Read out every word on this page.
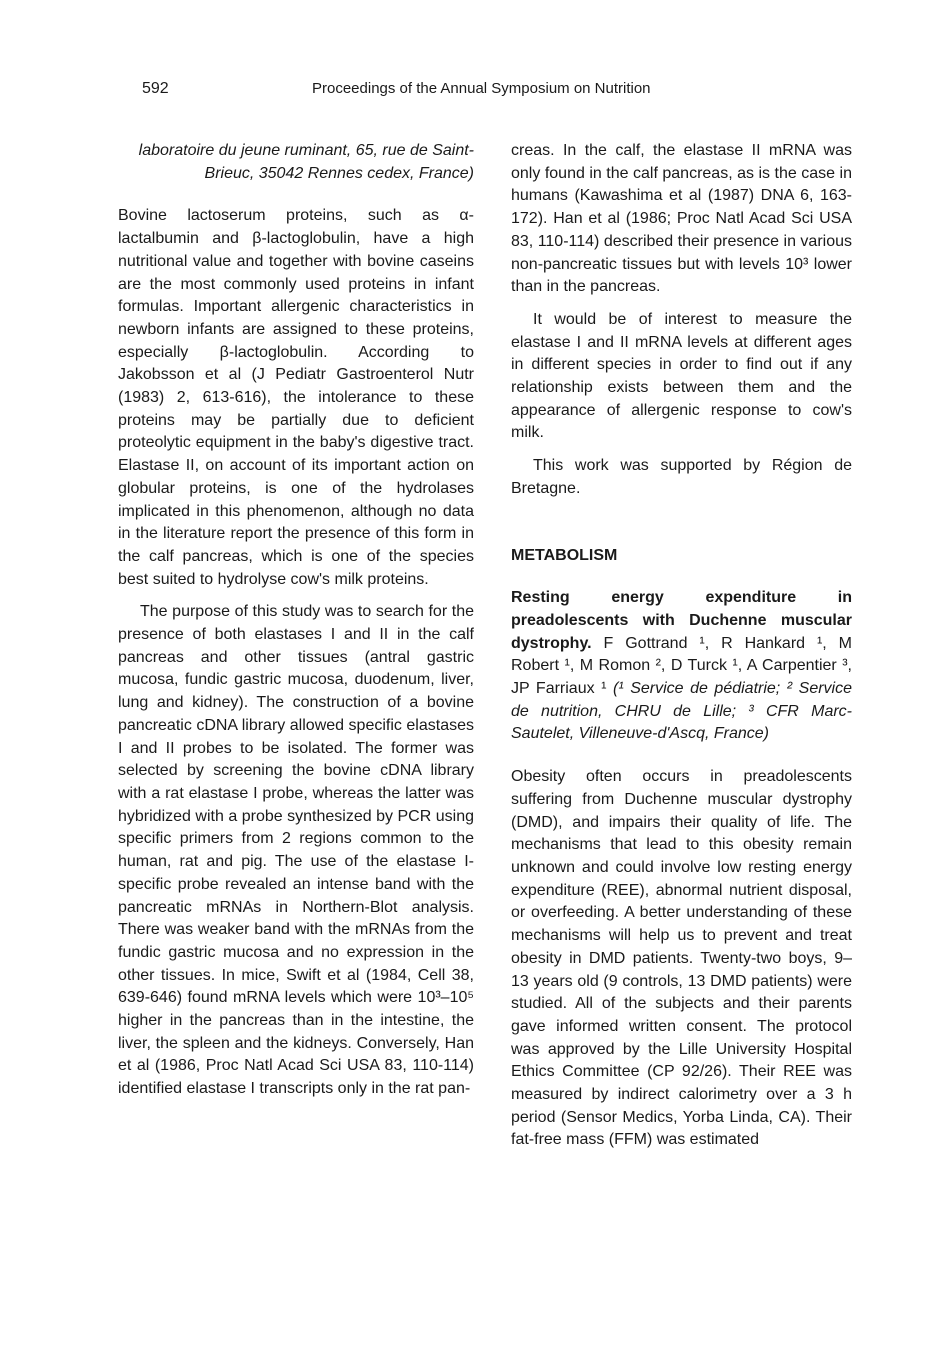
592	Proceedings of the Annual Symposium on Nutrition

laboratoire du jeune ruminant, 65, rue de Saint-Brieuc, 35042 Rennes cedex, France)

Bovine lactoserum proteins, such as α-lactalbumin and β-lactoglobulin, have a high nutritional value and together with bovine caseins are the most commonly used proteins in infant formulas. Important allergenic characteristics in newborn infants are assigned to these proteins, especially β-lactoglobulin. According to Jakobsson et al (J Pediatr Gastroenterol Nutr (1983) 2, 613-616), the intolerance to these proteins may be partially due to deficient proteolytic equipment in the baby's digestive tract. Elastase II, on account of its important action on globular proteins, is one of the hydrolases implicated in this phenomenon, although no data in the literature report the presence of this form in the calf pancreas, which is one of the species best suited to hydrolyse cow's milk proteins.

The purpose of this study was to search for the presence of both elastases I and II in the calf pancreas and other tissues (antral gastric mucosa, fundic gastric mucosa, duodenum, liver, lung and kidney). The construction of a bovine pancreatic cDNA library allowed specific elastases I and II probes to be isolated. The former was selected by screening the bovine cDNA library with a rat elastase I probe, whereas the latter was hybridized with a probe synthesized by PCR using specific primers from 2 regions common to the human, rat and pig. The use of the elastase I-specific probe revealed an intense band with the pancreatic mRNAs in Northern-Blot analysis. There was weaker band with the mRNAs from the fundic gastric mucosa and no expression in the other tissues. In mice, Swift et al (1984, Cell 38, 639-646) found mRNA levels which were 10³–10⁵ higher in the pancreas than in the intestine, the liver, the spleen and the kidneys. Conversely, Han et al (1986, Proc Natl Acad Sci USA 83, 110-114) identified elastase I transcripts only in the rat pan-

creas. In the calf, the elastase II mRNA was only found in the calf pancreas, as is the case in humans (Kawashima et al (1987) DNA 6, 163-172). Han et al (1986; Proc Natl Acad Sci USA 83, 110-114) described their presence in various non-pancreatic tissues but with levels 10³ lower than in the pancreas.

It would be of interest to measure the elastase I and II mRNA levels at different ages in different species in order to find out if any relationship exists between them and the appearance of allergenic response to cow's milk.

This work was supported by Région de Bretagne.

METABOLISM

Resting energy expenditure in preadolescents with Duchenne muscular dystrophy. F Gottrand ¹, R Hankard ¹, M Robert ¹, M Romon ², D Turck ¹, A Carpentier ³, JP Farriaux ¹ (¹ Service de pédiatrie; ² Service de nutrition, CHRU de Lille; ³ CFR Marc-Sautelet, Villeneuve-d'Ascq, France)

Obesity often occurs in preadolescents suffering from Duchenne muscular dystrophy (DMD), and impairs their quality of life. The mechanisms that lead to this obesity remain unknown and could involve low resting energy expenditure (REE), abnormal nutrient disposal, or overfeeding. A better understanding of these mechanisms will help us to prevent and treat obesity in DMD patients. Twenty-two boys, 9–13 years old (9 controls, 13 DMD patients) were studied. All of the subjects and their parents gave informed written consent. The protocol was approved by the Lille University Hospital Ethics Committee (CP 92/26). Their REE was measured by indirect calorimetry over a 3 h period (Sensor Medics, Yorba Linda, CA). Their fat-free mass (FFM) was estimated
